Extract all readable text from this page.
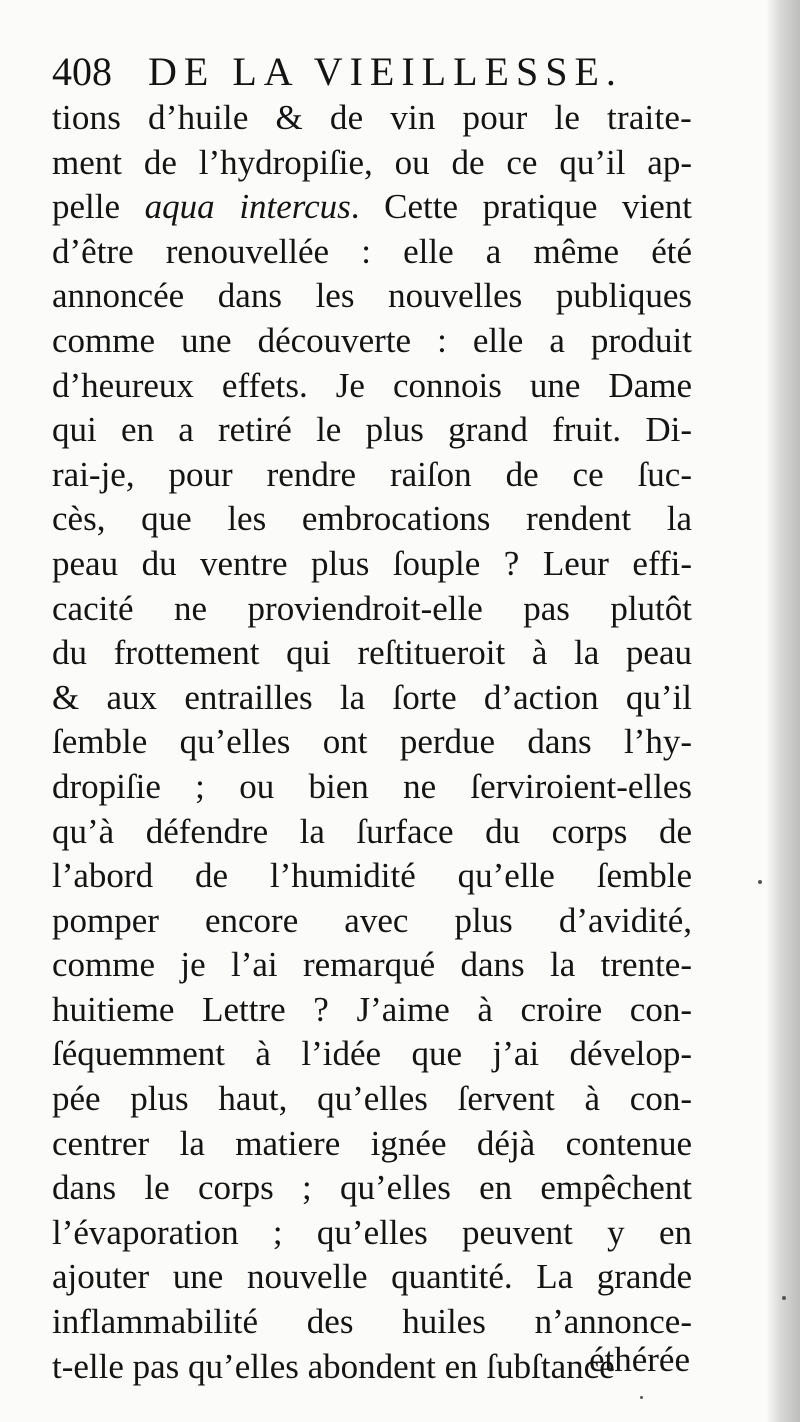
408 DE LA VIEILLESSE.
tions d’huile & de vin pour le traite-
ment de l’hydropiſie, ou de ce qu’il ap-
pelle aqua intercus. Cette pratique vient
d’être renouvellée : elle a même été
annoncée dans les nouvelles publiques
comme une découverte : elle a produit
d’heureux effets. Je connois une Dame
qui en a retiré le plus grand fruit. Di-
rai-je, pour rendre raiſon de ce ſuc-
cès, que les embrocations rendent la
peau du ventre plus ſouple ? Leur effi-
cacité ne proviendroit-elle pas plutôt
du frottement qui reſtitueroit à la peau
& aux entrailles la ſorte d’action qu’il
ſemble qu’elles ont perdue dans l’hy-
dropiſie ; ou bien ne ſerviroient-elles
qu’à défendre la ſurface du corps de
l’abord de l’humidité qu’elle ſemble
pomper encore avec plus d’avidité,
comme je l’ai remarqué dans la trente-
huitieme Lettre ? J’aime à croire con-
ſéquemment à l’idée que j’ai dévelop-
pée plus haut, qu’elles ſervent à con-
centrer la matiere ignée déjà contenue
dans le corps ; qu’elles en empêchent
l’évaporation ; qu’elles peuvent y en
ajouter une nouvelle quantité. La grande
inflammabilité des huiles n’annonce-
t-elle pas qu’elles abondent en ſubſtance
éthérée
